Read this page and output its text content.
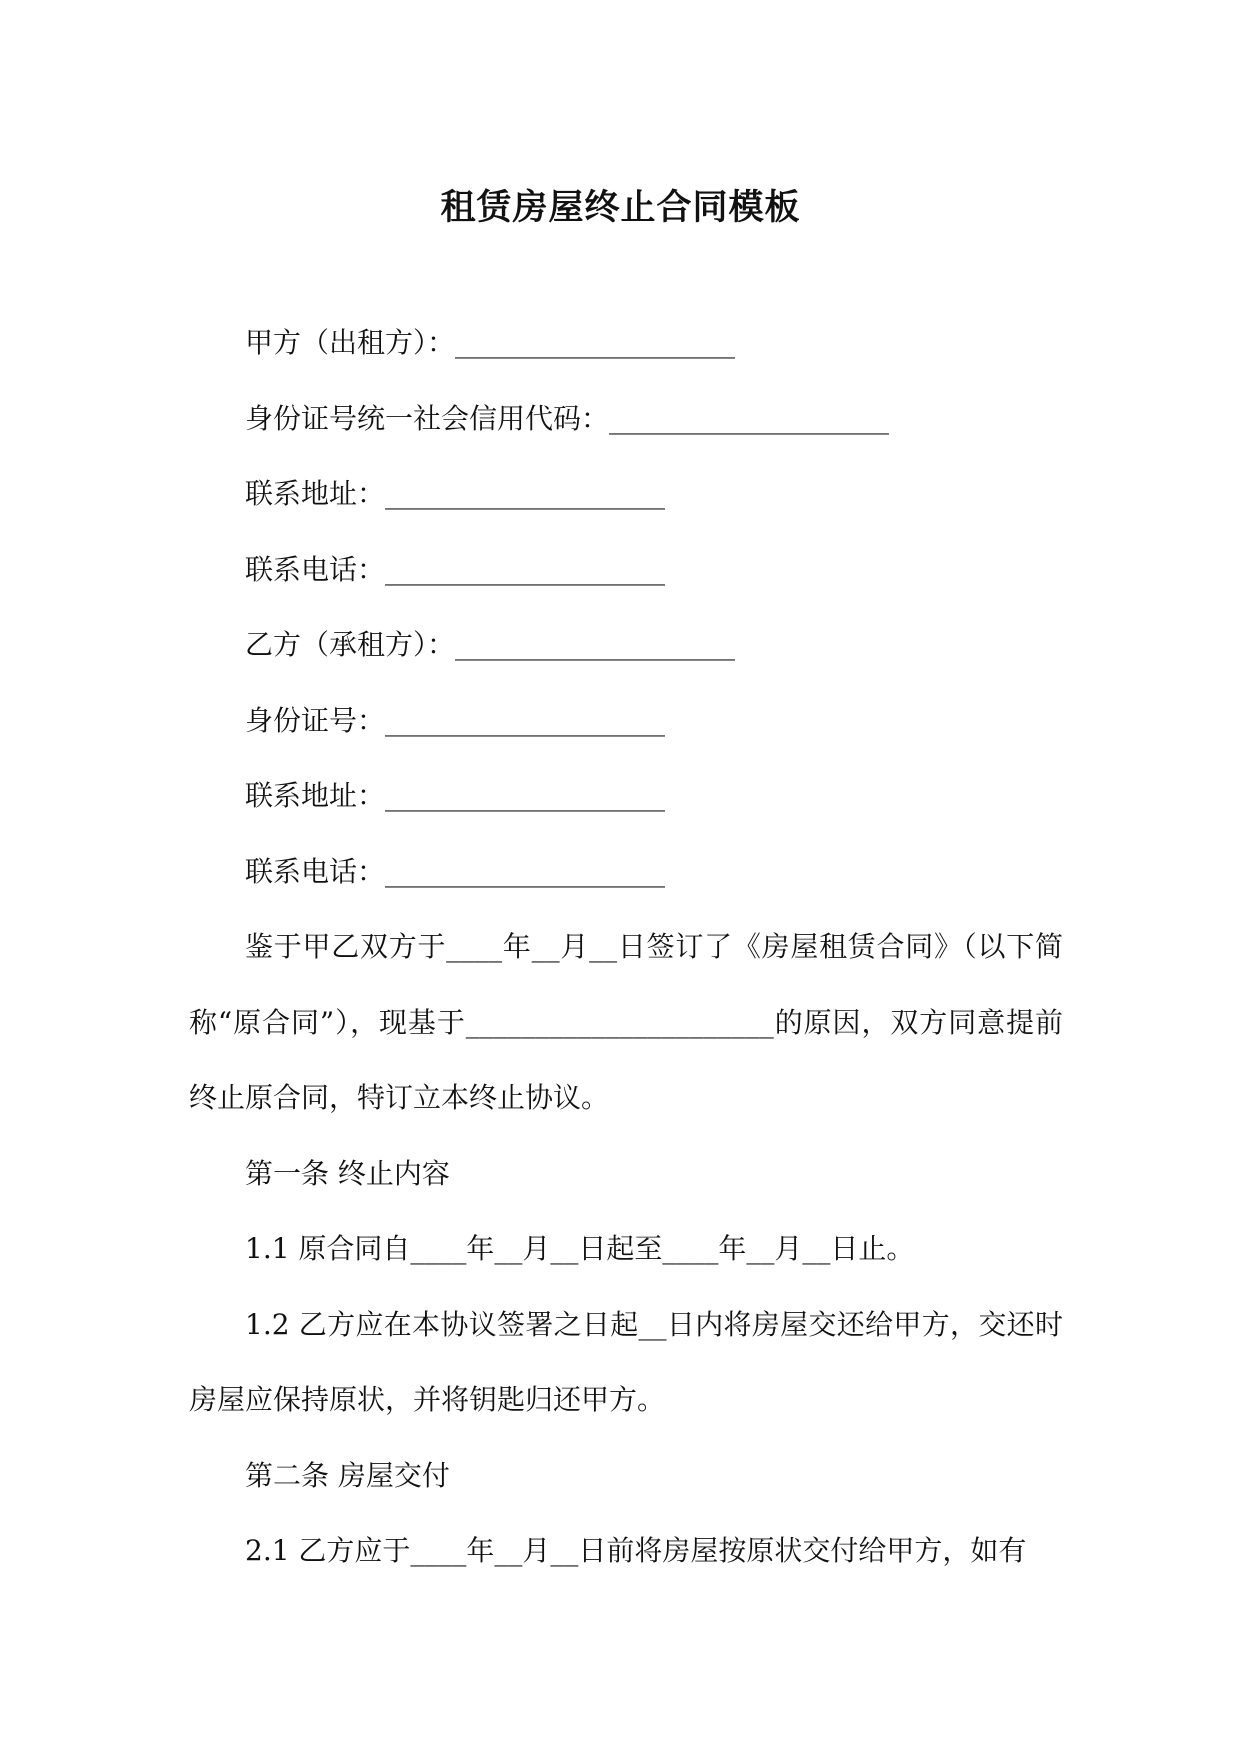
租赁房屋终止合同模板

甲方（出租方）：____________________

身份证号统一社会信用代码：____________________

联系地址：____________________

联系电话：____________________

乙方（承租方）：____________________

身份证号：____________________

联系地址：____________________

联系电话：____________________

鉴于甲乙双方于____年__月__日签订了《房屋租赁合同》（以下简称“原合同”），现基于______________________的原因，双方同意提前终止原合同，特订立本终止协议。

第一条 终止内容

1.1 原合同自____年__月__日起至____年__月__日止。

1.2 乙方应在本协议签署之日起__日内将房屋交还给甲方，交还时房屋应保持原状，并将钥匙归还甲方。

第二条 房屋交付

2.1 乙方应于____年__月__日前将房屋按原状交付给甲方，如有
